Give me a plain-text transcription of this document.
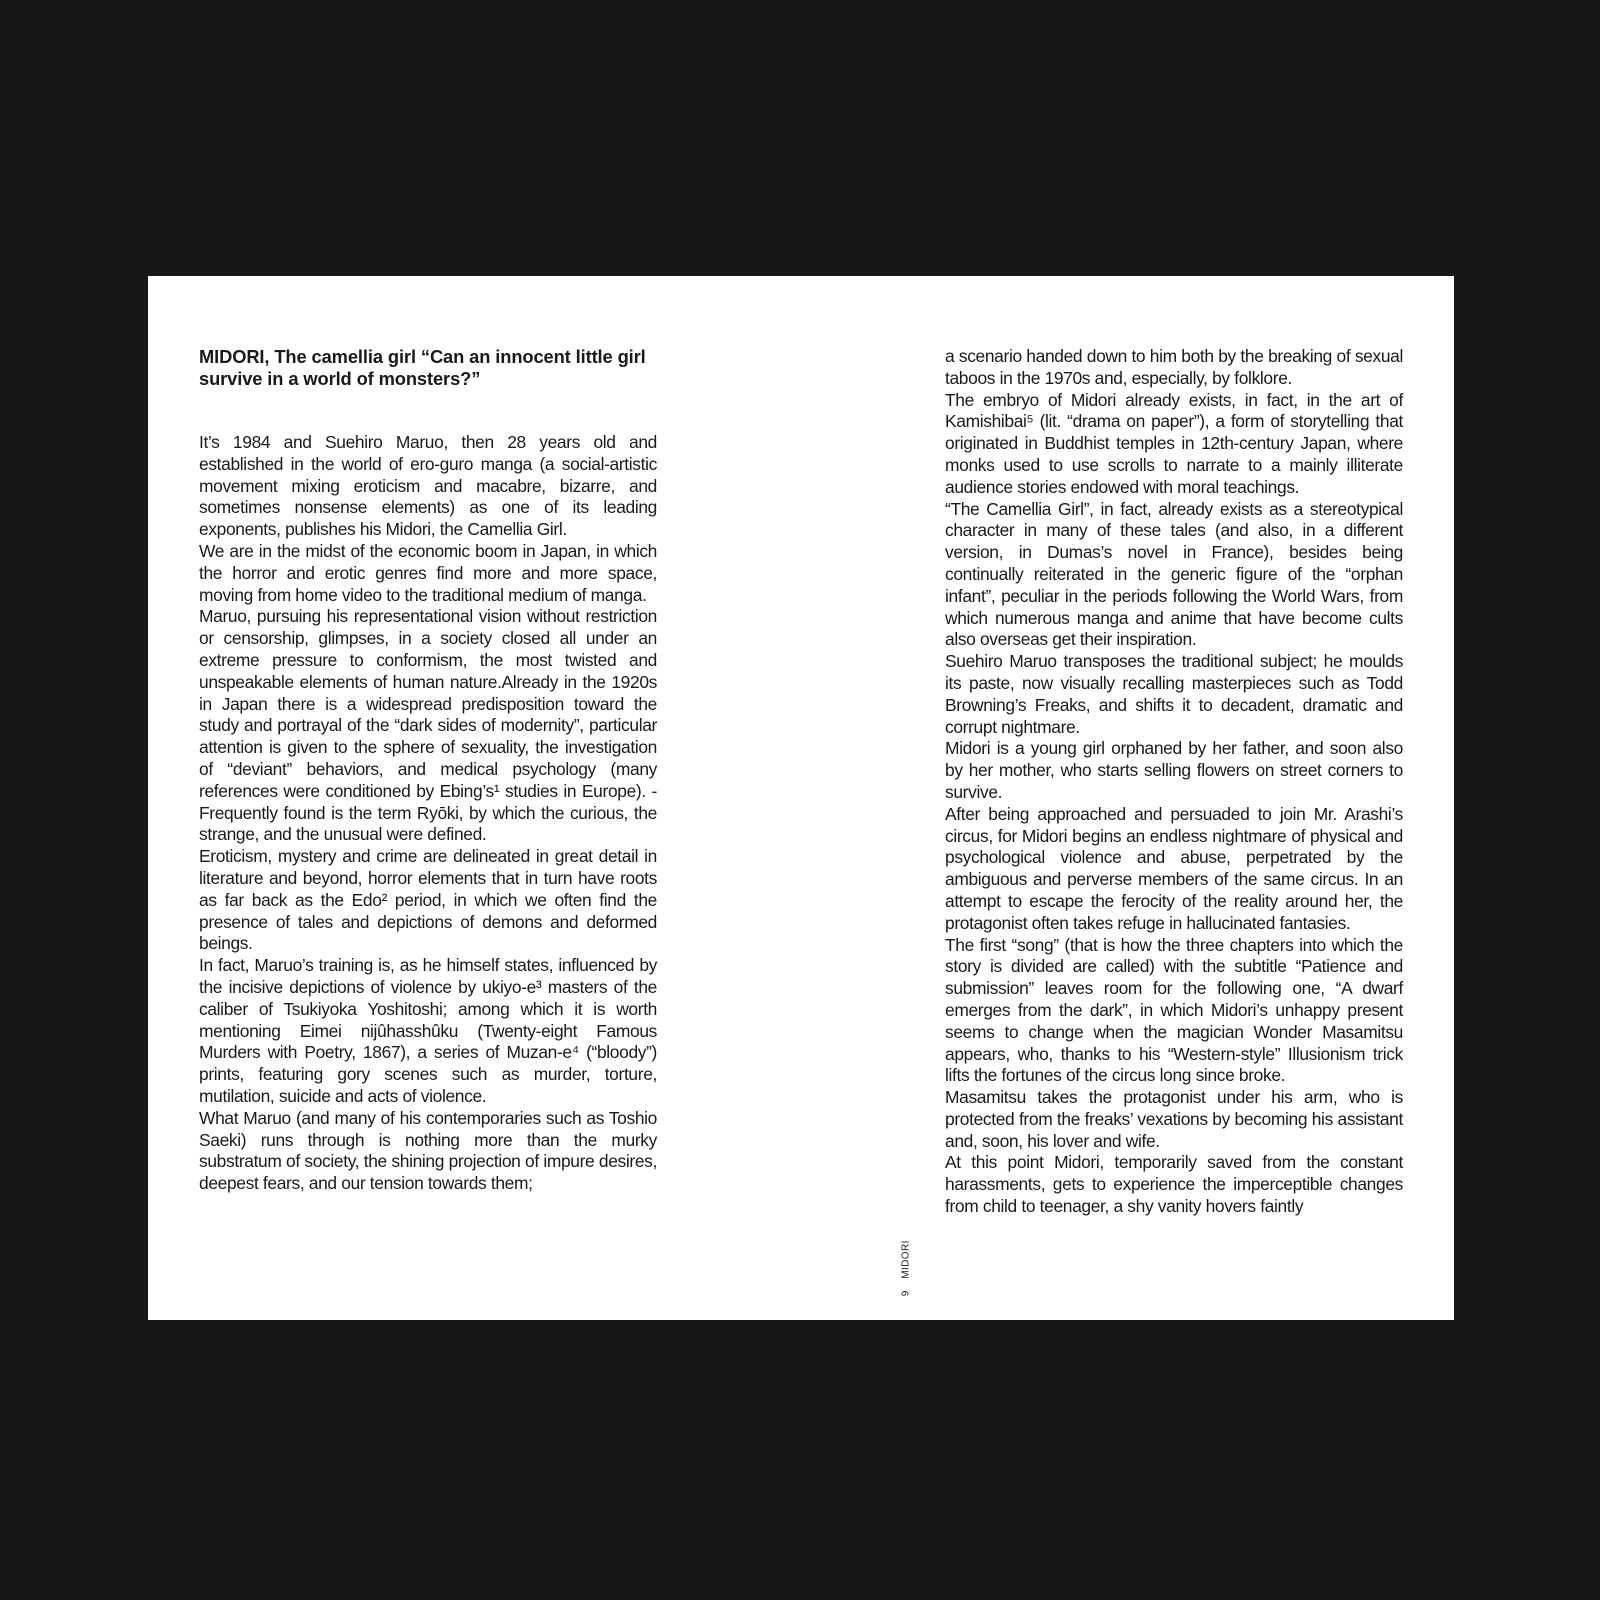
MIDORI, The camellia girl “Can an innocent little girl survive in a world of monsters?”

It’s 1984 and Suehiro Maruo, then 28 years old and established in the world of ero-guro manga (a social-artistic movement mixing eroticism and macabre, bizarre, and sometimes nonsense elements) as one of its leading exponents, publishes his Midori, the Camellia Girl.

We are in the midst of the economic boom in Japan, in which the horror and erotic genres find more and more space, moving from home video to the traditional medium of manga.

Maruo, pursuing his representational vision without restriction or censorship, glimpses, in a society closed all under an extreme pressure to conformism, the most twisted and unspeakable elements of human nature.Already in the 1920s in Japan there is a widespread predisposition toward the study and portrayal of the “dark sides of modernity”, particular attention is given to the sphere of sexuality, the investigation of “deviant” behaviors, and medical psychology (many references were conditioned by Ebing’s¹ studies in Europe). - Frequently found is the term Ryōki, by which the curious, the strange, and the unusual were defined.

Eroticism, mystery and crime are delineated in great detail in literature and beyond, horror elements that in turn have roots as far back as the Edo² period, in which we often find the presence of tales and depictions of demons and deformed beings.

In fact, Maruo’s training is, as he himself states, influenced by the incisive depictions of violence by ukiyo-e³ masters of the caliber of Tsukiyoka Yoshitoshi; among which it is worth mentioning Eimei nijûhasshûku (Twenty-eight Famous Murders with Poetry, 1867), a series of Muzan-e⁴ (“bloody”) prints, featuring gory scenes such as murder, torture, mutilation, suicide and acts of violence.

What Maruo (and many of his contemporaries such as Toshio Saeki) runs through is nothing more than the murky substratum of society, the shining projection of impure desires, deepest fears, and our tension towards them;

MIDORI
9

a scenario handed down to him both by the breaking of sexual taboos in the 1970s and, especially, by folklore.

The embryo of Midori already exists, in fact, in the art of Kamishibai⁵ (lit. “drama on paper”), a form of storytelling that originated in Buddhist temples in 12th-century Japan, where monks used to use scrolls to narrate to a mainly illiterate audience stories endowed with moral teachings.

“The Camellia Girl”, in fact, already exists as a stereotypical character in many of these tales (and also, in a different version, in Dumas’s novel in France), besides being continually reiterated in the generic figure of the “orphan infant”, peculiar in the periods following the World Wars, from which numerous manga and anime that have become cults also overseas get their inspiration.

Suehiro Maruo transposes the traditional subject; he moulds its paste, now visually recalling masterpieces such as Todd Browning’s Freaks, and shifts it to decadent, dramatic and corrupt nightmare.

Midori is a young girl orphaned by her father, and soon also by her mother, who starts selling flowers on street corners to survive.

After being approached and persuaded to join Mr. Arashi’s circus, for Midori begins an endless nightmare of physical and psychological violence and abuse, perpetrated by the ambiguous and perverse members of the same circus. In an attempt to escape the ferocity of the reality around her, the protagonist often takes refuge in hallucinated fantasies.

The first “song” (that is how the three chapters into which the story is divided are called) with the subtitle “Patience and submission” leaves room for the following one, “A dwarf emerges from the dark”, in which Midori’s unhappy present seems to change when the magician Wonder Masamitsu appears, who, thanks to his “Western-style” Illusionism trick lifts the fortunes of the circus long since broke.

Masamitsu takes the protagonist under his arm, who is protected from the freaks’ vexations by becoming his assistant and, soon, his lover and wife.

At this point Midori, temporarily saved from the constant harassments, gets to experience the imperceptible changes from child to teenager, a shy vanity hovers faintly
